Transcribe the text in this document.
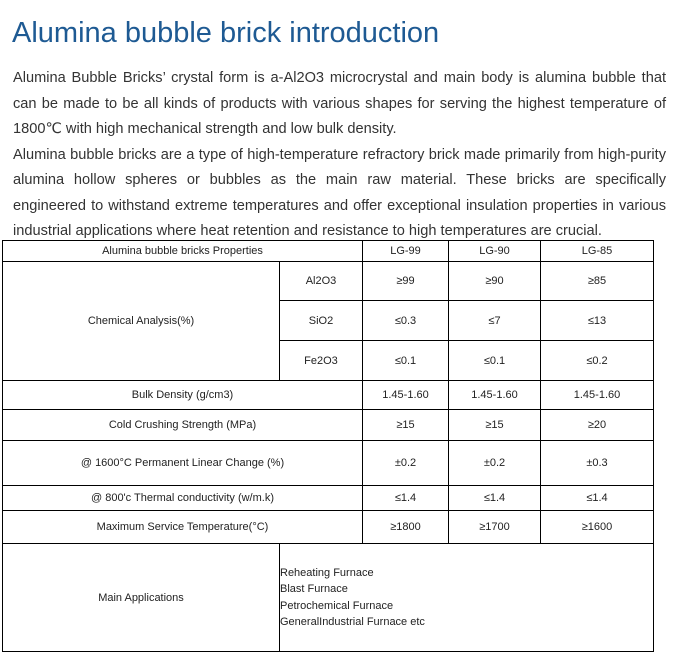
Alumina bubble brick introduction

Alumina Bubble Bricks’ crystal form is a-Al2O3 microcrystal and main body is alumina bubble that can be made to be all kinds of products with various shapes for serving the highest temperature of 1800℃ with high mechanical strength and low bulk density.

Alumina bubble bricks are a type of high-temperature refractory brick made primarily from high-purity alumina hollow spheres or bubbles as the main raw material. These bricks are specifically engineered to withstand extreme temperatures and offer exceptional insulation properties in various industrial applications where heat retention and resistance to high temperatures are crucial.

Alumina bubble bricks Properties		LG-99	LG-90	LG-85
Chemical Analysis(%)	Al2O3	≥99	≥90	≥85
	SiO2	≤0.3	≤7	≤13
	Fe2O3	≤0.1	≤0.1	≤0.2
Bulk Density (g/cm3)		1.45-1.60	1.45-1.60	1.45-1.60
Cold Crushing Strength (MPa)		≥15	≥15	≥20
@ 1600°C Permanent Linear Change (%)		±0.2	±0.2	±0.3
@ 800'c Thermal conductivity (w/m.k)		≤1.4	≤1.4	≤1.4
Maximum Service Temperature(°C)		≥1800	≥1700	≥1600
Main Applications	Reheating Furnace
Blast Furnace
Petrochemical Furnace
GeneralIndustrial Furnace etc			
